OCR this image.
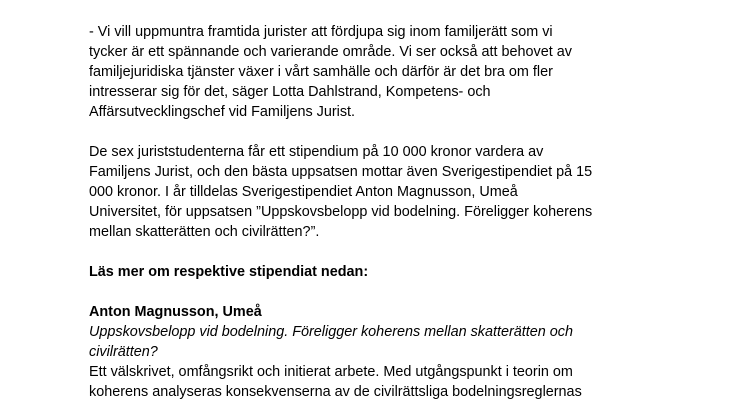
- Vi vill uppmuntra framtida jurister att fördjupa sig inom familjerätt som vi
tycker är ett spännande och varierande område. Vi ser också att behovet av
familjejuridiska tjänster växer i vårt samhälle och därför är det bra om fler
intresserar sig för det, säger Lotta Dahlstrand, Kompetens- och
Affärsutvecklingschef vid Familjens Jurist.

De sex juriststudenterna får ett stipendium på 10 000 kronor vardera av
Familjens Jurist, och den bästa uppsatsen mottar även Sverigestipendiet på 15
000 kronor. I år tilldelas Sverigestipendiet Anton Magnusson, Umeå
Universitet, för uppsatsen ”Uppskovsbelopp vid bodelning. Föreligger koherens
mellan skatterätten och civilrätten?”.

Läs mer om respektive stipendiat nedan:

Anton Magnusson, Umeå
Uppskovsbelopp vid bodelning. Föreligger koherens mellan skatterätten och
civilrätten?
Ett välskrivet, omfångsrikt och initierat arbete. Med utgångspunkt i teorin om
koherens analyseras konsekvenserna av de civilrättsliga bodelningsreglernas
